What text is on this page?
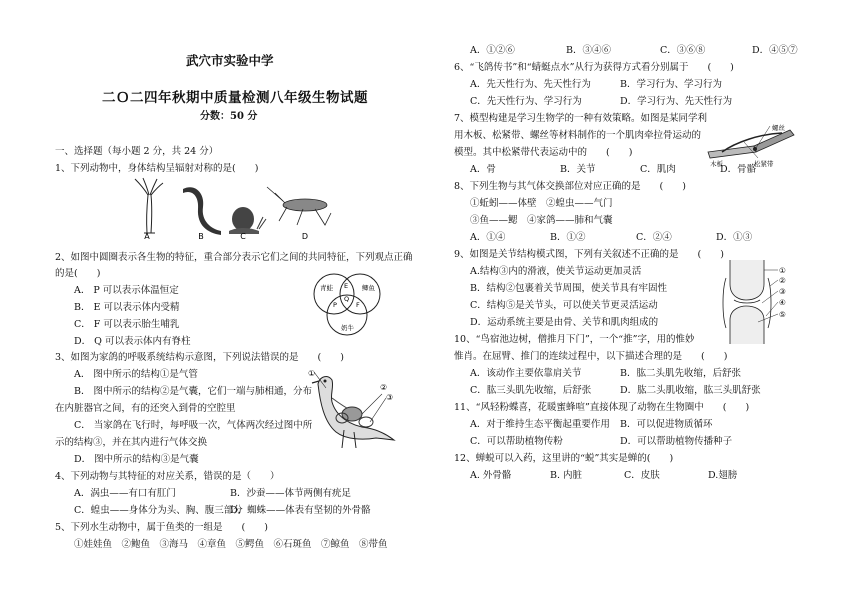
武穴市实验中学
二Ｏ二四年秋期中质量检测八年级生物试题
分数：50 分
一、选择题（每小题 2 分，共 24 分）
1、下列动物中，身体结构呈辐射对称的是(　　)
A	B	C	D
2、如图中圆圈表示各生物的特征，重合部分表示它们之间的共同特征，下列观点正确
的是(　　)
A． P 可以表示体温恒定
B． E 可以表示体内受精
C． F 可以表示胎生哺乳
D． Q 可以表示体内有脊柱
青蛙	鲫鱼
奶牛
E
P	F
Q
3、如图为家鸽的呼吸系统结构示意图，下列说法错误的是　　(　　)
A． 图中所示的结构①是气管
B． 图中所示的结构②是气囊，它们一端与肺相通，分布
在内脏器官之间，有的还突入到骨的空腔里
C． 当家鸽在飞行时，每呼吸一次，气体两次经过图中所
示的结构③，并在其内进行气体交换
D． 图中所示的结构③是气囊
①
②
③
4、下列动物与其特征的对应关系，错误的是（　　）
A．涡虫——有口有肛门	B．沙蚕——体节两侧有疣足
C．蝗虫——身体分为头、胸、腹三部分
D．蜘蛛——体表有坚韧的外骨骼
5、下列水生动物中，属于鱼类的一组是　　(　　)
①娃娃鱼　②鲍鱼　③海马　④章鱼　⑤鳄鱼　⑥石斑鱼　⑦鲸鱼　⑧带鱼
A．①②⑥	B．③④⑥	C．③⑥⑧	D．④⑤⑦
6、“飞鸽传书”和“蜻蜓点水”从行为获得方式看分别属于　　(　　)
A．先天性行为、先天性行为	B．学习行为、学习行为
C．先天性行为、学习行为	D．学习行为、先天性行为
7、模型构建是学习生物学的一种有效策略。如图是某同学利
用木板、松紧带、螺丝等材料制作的一个肌肉牵拉骨运动的
模型。其中松紧带代表运动中的　　(　　)
A．骨	B．关节	C．肌肉	D．骨骼
螺丝
木板	松紧带
8、下列生物与其气体交换部位对应正确的是　　(　　)
①蚯蚓——体壁　②蝗虫——气门
③鱼——鳃　④家鸽——肺和气囊
A．①④	B．①②	C．②④	D．①③
9、如图是关节结构模式图，下列有关叙述不正确的是　　(　　)
A.结构③内的滑液，使关节运动更加灵活
B．结构②包裹着关节周围，使关节具有牢固性
C．结构⑤是关节头，可以使关节更灵活运动
D．运动系统主要是由骨、关节和肌肉组成的
①
②
③
④
⑤
10、“鸟宿池边树，僧推月下门”，一个“推”字，用的惟妙
惟肖。在屈臂、推门的连续过程中，以下描述合理的是　　(　　)
A．该动作主要依靠肩关节	B．肱二头肌先收缩，后舒张
C．肱三头肌先收缩，后舒张	D．肱二头肌收缩，肱三头肌舒张
11、“风轻粉蝶喜，花暖蜜蜂喧”直接体现了动物在生物圈中　　(　　)
A．对于维持生态平衡起重要作用 B．可以促进物质循环
C．可以帮助植物传粉	D．可以帮助植物传播种子
12、蝉蜕可以入药，这里讲的“蜕”其实是蝉的(　　)
A. 外骨骼	B. 内脏	C．皮肤	D.翅膀
